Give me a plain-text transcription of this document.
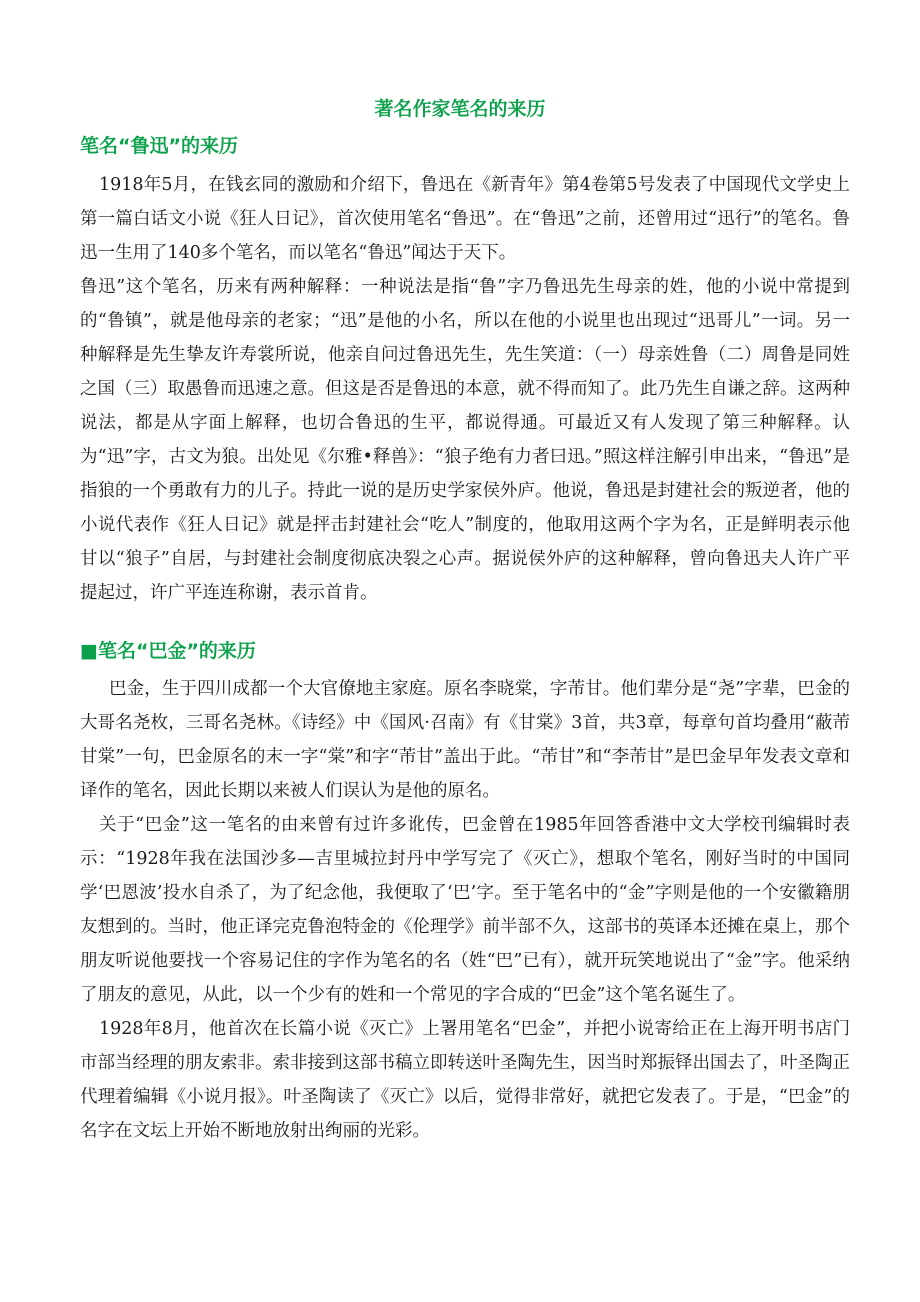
著名作家笔名的来历
笔名“鲁迅”的来历

1918年5月，在钱玄同的激励和介绍下，鲁迅在《新青年》第4卷第5号发表了中国现代文学史上第一篇白话文小说《狂人日记》，首次使用笔名“鲁迅”。在“鲁迅”之前，还曾用过“迅行”的笔名。鲁迅一生用了140多个笔名，而以笔名“鲁迅”闻达于天下。

鲁迅”这个笔名，历来有两种解释：一种说法是指“鲁”字乃鲁迅先生母亲的姓，他的小说中常提到的“鲁镇”，就是他母亲的老家；“迅”是他的小名，所以在他的小说里也出现过“迅哥儿”一词。另一种解释是先生挚友许寿裳所说，他亲自问过鲁迅先生，先生笑道：（一）母亲姓鲁（二）周鲁是同姓之国（三）取愚鲁而迅速之意。但这是否是鲁迅的本意，就不得而知了。此乃先生自谦之辞。这两种说法，都是从字面上解释，也切合鲁迅的生平，都说得通。可最近又有人发现了第三种解释。认为“迅”字，古文为狼。出处见《尔雅•释兽》：“狼子绝有力者曰迅。”照这样注解引申出来，“鲁迅”是指狼的一个勇敢有力的儿子。持此一说的是历史学家侯外庐。他说，鲁迅是封建社会的叛逆者，他的小说代表作《狂人日记》就是抨击封建社会“吃人”制度的，他取用这两个字为名，正是鲜明表示他甘以“狼子”自居，与封建社会制度彻底决裂之心声。据说侯外庐的这种解释，曾向鲁迅夫人许广平提起过，许广平连连称谢，表示首肯。

■笔名“巴金”的来历

巴金，生于四川成都一个大官僚地主家庭。原名李晓棠，字芾甘。他们辈分是“尧”字辈，巴金的大哥名尧枚，三哥名尧林。《诗经》中《国风·召南》有《甘棠》3首，共3章，每章句首均叠用“蔽芾甘棠”一句，巴金原名的末一字“棠”和字“芾甘”盖出于此。“芾甘”和“李芾甘”是巴金早年发表文章和译作的笔名，因此长期以来被人们误认为是他的原名。

关于“巴金”这一笔名的由来曾有过许多讹传，巴金曾在1985年回答香港中文大学校刊编辑时表示：“1928年我在法国沙多—吉里城拉封丹中学写完了《灭亡》，想取个笔名，刚好当时的中国同学‘巴恩波’投水自杀了，为了纪念他，我便取了‘巴’字。至于笔名中的“金”字则是他的一个安徽籍朋友想到的。当时，他正译完克鲁泡特金的《伦理学》前半部不久，这部书的英译本还摊在桌上，那个朋友听说他要找一个容易记住的字作为笔名的名（姓“巴”已有），就开玩笑地说出了“金”字。他采纳了朋友的意见，从此，以一个少有的姓和一个常见的字合成的“巴金”这个笔名诞生了。

1928年8月，他首次在长篇小说《灭亡》上署用笔名“巴金”，并把小说寄给正在上海开明书店门市部当经理的朋友索非。索非接到这部书稿立即转送叶圣陶先生，因当时郑振铎出国去了，叶圣陶正代理着编辑《小说月报》。叶圣陶读了《灭亡》以后，觉得非常好，就把它发表了。于是，“巴金”的名字在文坛上开始不断地放射出绚丽的光彩。
